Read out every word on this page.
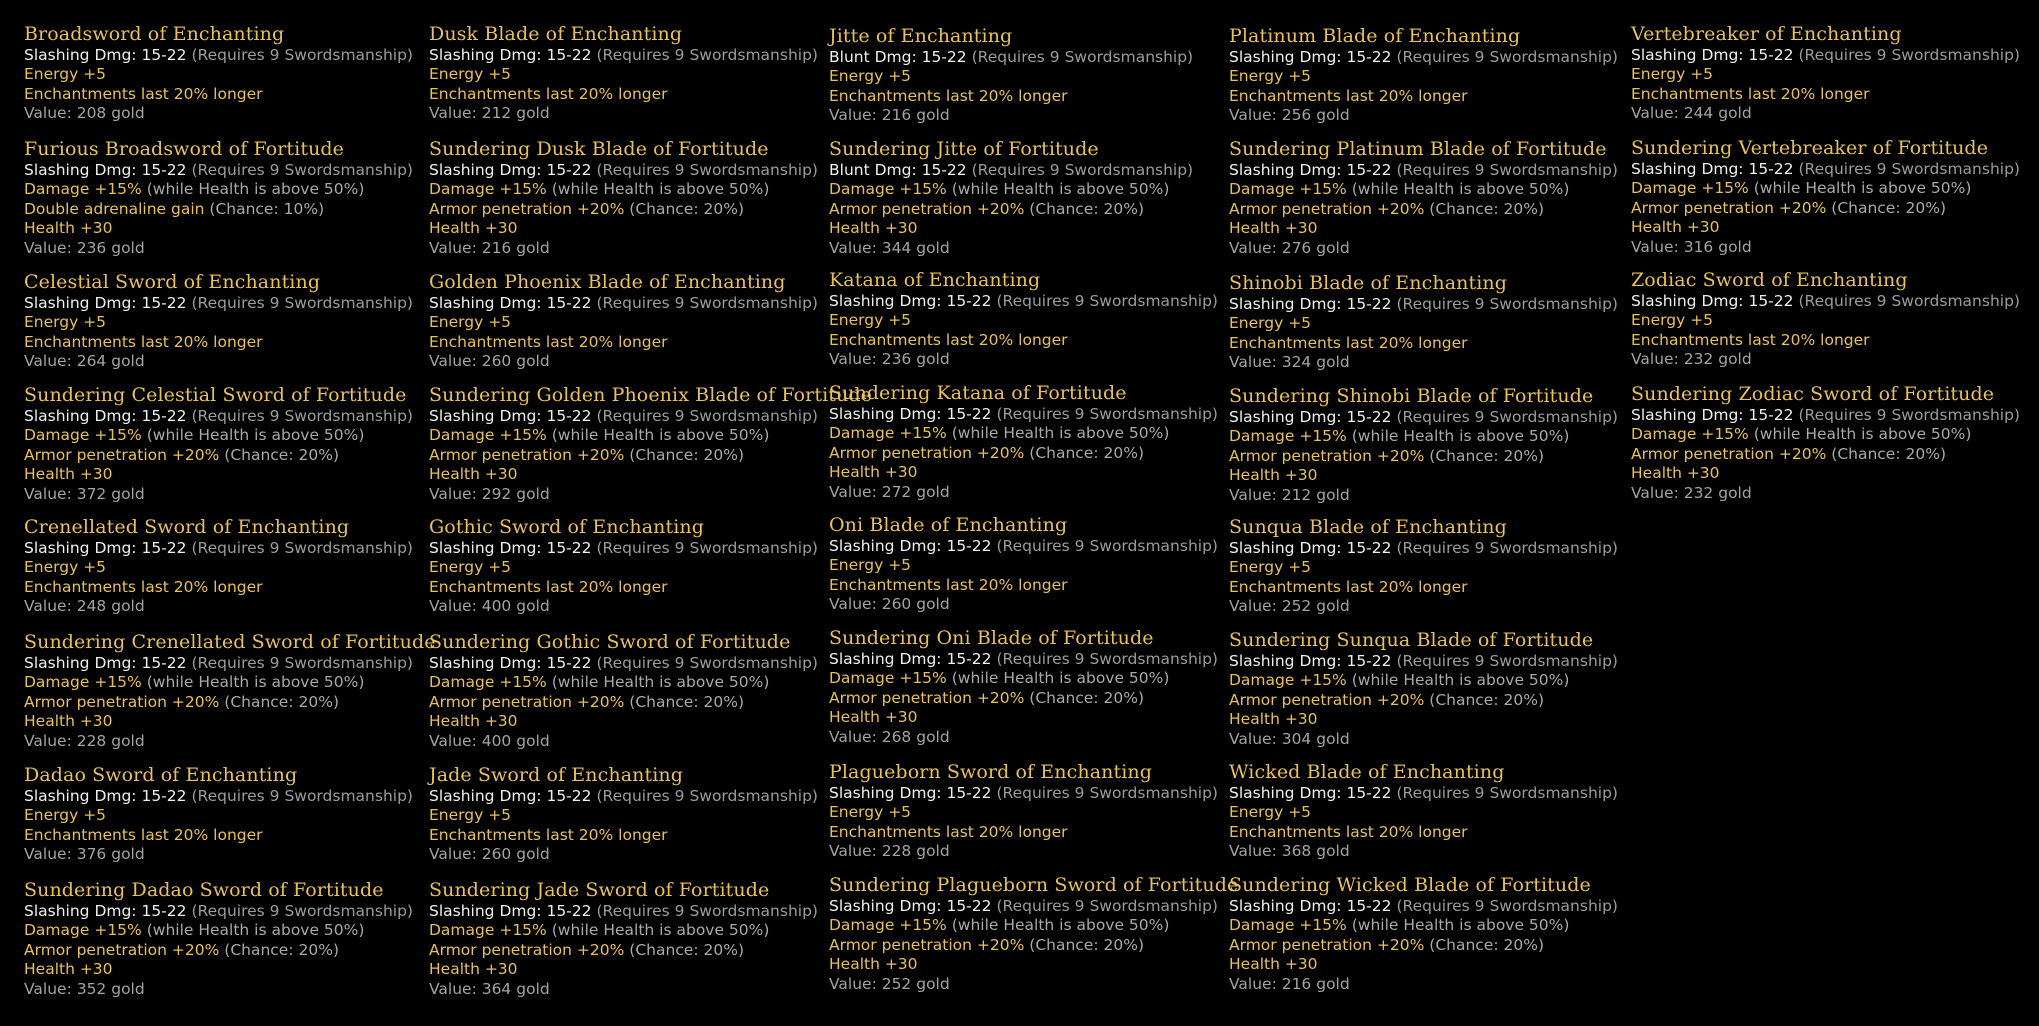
Broadsword of Enchanting
Slashing Dmg: 15-22 (Requires 9 Swordsmanship)
Energy +5
Enchantments last 20% longer
Value: 208 gold
Furious Broadsword of Fortitude
Slashing Dmg: 15-22 (Requires 9 Swordsmanship)
Damage +15% (while Health is above 50%)
Double adrenaline gain (Chance: 10%)
Health +30
Value: 236 gold
Celestial Sword of Enchanting
Slashing Dmg: 15-22 (Requires 9 Swordsmanship)
Energy +5
Enchantments last 20% longer
Value: 264 gold
Sundering Celestial Sword of Fortitude
Slashing Dmg: 15-22 (Requires 9 Swordsmanship)
Damage +15% (while Health is above 50%)
Armor penetration +20% (Chance: 20%)
Health +30
Value: 372 gold
Crenellated Sword of Enchanting
Slashing Dmg: 15-22 (Requires 9 Swordsmanship)
Energy +5
Enchantments last 20% longer
Value: 248 gold
Sundering Crenellated Sword of Fortitude
Slashing Dmg: 15-22 (Requires 9 Swordsmanship)
Damage +15% (while Health is above 50%)
Armor penetration +20% (Chance: 20%)
Health +30
Value: 228 gold
Dadao Sword of Enchanting
Slashing Dmg: 15-22 (Requires 9 Swordsmanship)
Energy +5
Enchantments last 20% longer
Value: 376 gold
Sundering Dadao Sword of Fortitude
Slashing Dmg: 15-22 (Requires 9 Swordsmanship)
Damage +15% (while Health is above 50%)
Armor penetration +20% (Chance: 20%)
Health +30
Value: 352 gold
Dusk Blade of Enchanting
Slashing Dmg: 15-22 (Requires 9 Swordsmanship)
Energy +5
Enchantments last 20% longer
Value: 212 gold
Sundering Dusk Blade of Fortitude
Slashing Dmg: 15-22 (Requires 9 Swordsmanship)
Damage +15% (while Health is above 50%)
Armor penetration +20% (Chance: 20%)
Health +30
Value: 216 gold
Golden Phoenix Blade of Enchanting
Slashing Dmg: 15-22 (Requires 9 Swordsmanship)
Energy +5
Enchantments last 20% longer
Value: 260 gold
Sundering Golden Phoenix Blade of Fortitude
Slashing Dmg: 15-22 (Requires 9 Swordsmanship)
Damage +15% (while Health is above 50%)
Armor penetration +20% (Chance: 20%)
Health +30
Value: 292 gold
Gothic Sword of Enchanting
Slashing Dmg: 15-22 (Requires 9 Swordsmanship)
Energy +5
Enchantments last 20% longer
Value: 400 gold
Sundering Gothic Sword of Fortitude
Slashing Dmg: 15-22 (Requires 9 Swordsmanship)
Damage +15% (while Health is above 50%)
Armor penetration +20% (Chance: 20%)
Health +30
Value: 400 gold
Jade Sword of Enchanting
Slashing Dmg: 15-22 (Requires 9 Swordsmanship)
Energy +5
Enchantments last 20% longer
Value: 260 gold
Sundering Jade Sword of Fortitude
Slashing Dmg: 15-22 (Requires 9 Swordsmanship)
Damage +15% (while Health is above 50%)
Armor penetration +20% (Chance: 20%)
Health +30
Value: 364 gold
Jitte of Enchanting
Blunt Dmg: 15-22 (Requires 9 Swordsmanship)
Energy +5
Enchantments last 20% longer
Value: 216 gold
Sundering Jitte of Fortitude
Blunt Dmg: 15-22 (Requires 9 Swordsmanship)
Damage +15% (while Health is above 50%)
Armor penetration +20% (Chance: 20%)
Health +30
Value: 344 gold
Katana of Enchanting
Slashing Dmg: 15-22 (Requires 9 Swordsmanship)
Energy +5
Enchantments last 20% longer
Value: 236 gold
Sundering Katana of Fortitude
Slashing Dmg: 15-22 (Requires 9 Swordsmanship)
Damage +15% (while Health is above 50%)
Armor penetration +20% (Chance: 20%)
Health +30
Value: 272 gold
Oni Blade of Enchanting
Slashing Dmg: 15-22 (Requires 9 Swordsmanship)
Energy +5
Enchantments last 20% longer
Value: 260 gold
Sundering Oni Blade of Fortitude
Slashing Dmg: 15-22 (Requires 9 Swordsmanship)
Damage +15% (while Health is above 50%)
Armor penetration +20% (Chance: 20%)
Health +30
Value: 268 gold
Plagueborn Sword of Enchanting
Slashing Dmg: 15-22 (Requires 9 Swordsmanship)
Energy +5
Enchantments last 20% longer
Value: 228 gold
Sundering Plagueborn Sword of Fortitude
Slashing Dmg: 15-22 (Requires 9 Swordsmanship)
Damage +15% (while Health is above 50%)
Armor penetration +20% (Chance: 20%)
Health +30
Value: 252 gold
Platinum Blade of Enchanting
Slashing Dmg: 15-22 (Requires 9 Swordsmanship)
Energy +5
Enchantments last 20% longer
Value: 256 gold
Sundering Platinum Blade of Fortitude
Slashing Dmg: 15-22 (Requires 9 Swordsmanship)
Damage +15% (while Health is above 50%)
Armor penetration +20% (Chance: 20%)
Health +30
Value: 276 gold
Shinobi Blade of Enchanting
Slashing Dmg: 15-22 (Requires 9 Swordsmanship)
Energy +5
Enchantments last 20% longer
Value: 324 gold
Sundering Shinobi Blade of Fortitude
Slashing Dmg: 15-22 (Requires 9 Swordsmanship)
Damage +15% (while Health is above 50%)
Armor penetration +20% (Chance: 20%)
Health +30
Value: 212 gold
Sunqua Blade of Enchanting
Slashing Dmg: 15-22 (Requires 9 Swordsmanship)
Energy +5
Enchantments last 20% longer
Value: 252 gold
Sundering Sunqua Blade of Fortitude
Slashing Dmg: 15-22 (Requires 9 Swordsmanship)
Damage +15% (while Health is above 50%)
Armor penetration +20% (Chance: 20%)
Health +30
Value: 304 gold
Wicked Blade of Enchanting
Slashing Dmg: 15-22 (Requires 9 Swordsmanship)
Energy +5
Enchantments last 20% longer
Value: 368 gold
Sundering Wicked Blade of Fortitude
Slashing Dmg: 15-22 (Requires 9 Swordsmanship)
Damage +15% (while Health is above 50%)
Armor penetration +20% (Chance: 20%)
Health +30
Value: 216 gold
Vertebreaker of Enchanting
Slashing Dmg: 15-22 (Requires 9 Swordsmanship)
Energy +5
Enchantments last 20% longer
Value: 244 gold
Sundering Vertebreaker of Fortitude
Slashing Dmg: 15-22 (Requires 9 Swordsmanship)
Damage +15% (while Health is above 50%)
Armor penetration +20% (Chance: 20%)
Health +30
Value: 316 gold
Zodiac Sword of Enchanting
Slashing Dmg: 15-22 (Requires 9 Swordsmanship)
Energy +5
Enchantments last 20% longer
Value: 232 gold
Sundering Zodiac Sword of Fortitude
Slashing Dmg: 15-22 (Requires 9 Swordsmanship)
Damage +15% (while Health is above 50%)
Armor penetration +20% (Chance: 20%)
Health +30
Value: 232 gold
